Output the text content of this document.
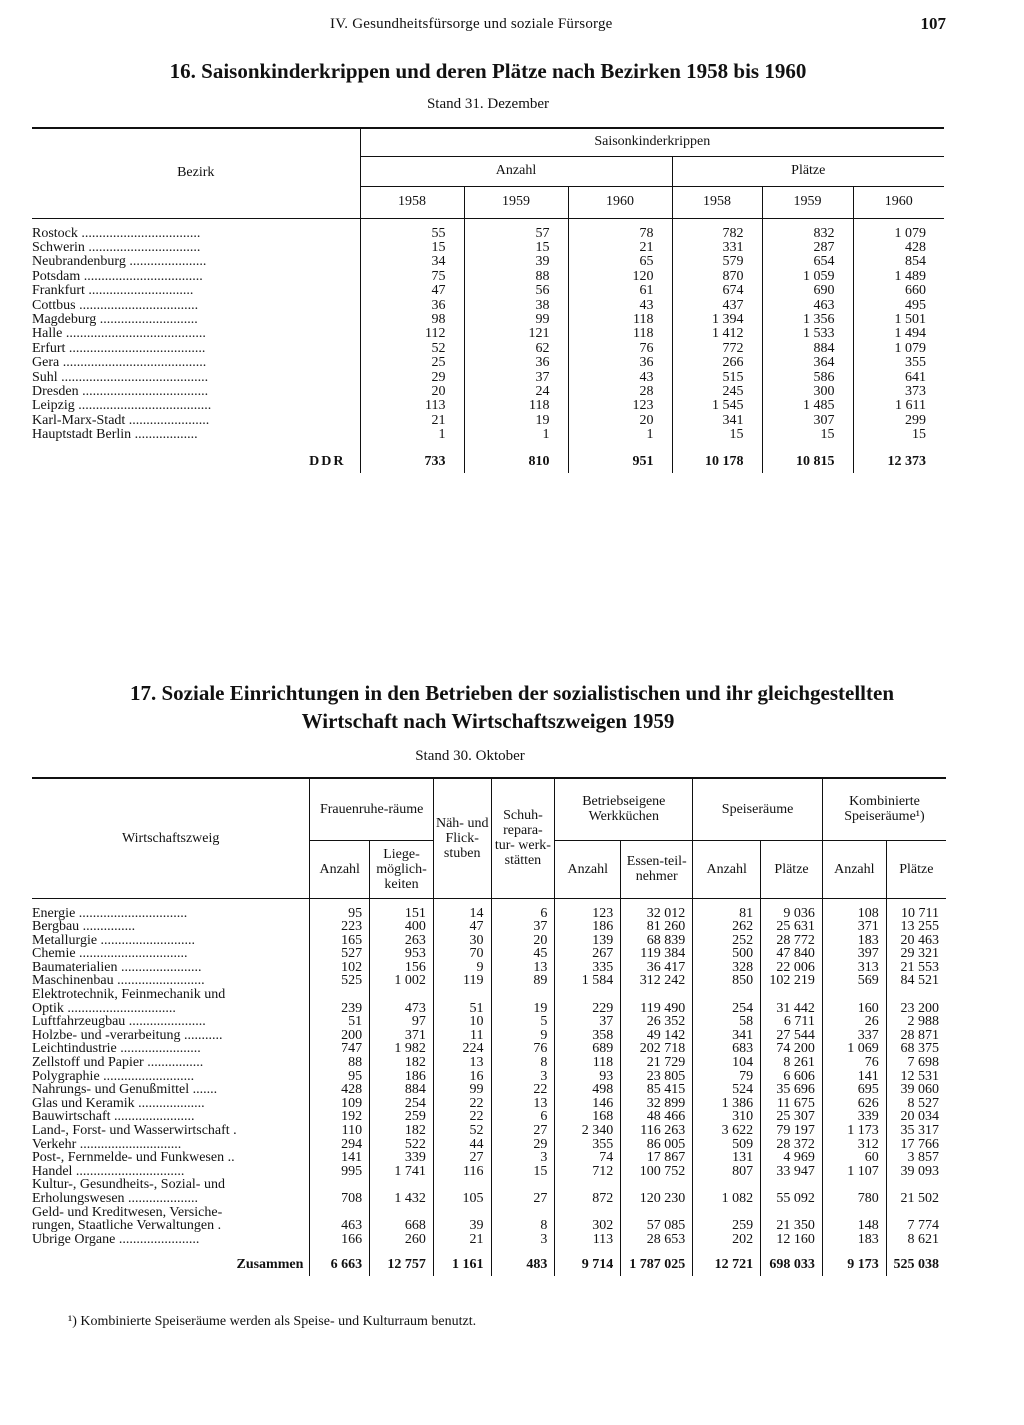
IV. Gesundheitsfürsorge und soziale Fürsorge	107
16. Saisonkinderkrippen und deren Plätze nach Bezirken 1958 bis 1960
Stand 31. Dezember
Bezirk	Saisonkinderkrippen					
	Anzahl			Plätze		
	1958	1959	1960	1958	1959	1960

Rostock ..................................	55	57	78	782	832	1 079
Schwerin ................................	15	15	21	331	287	428
Neubrandenburg ......................	34	39	65	579	654	854
Potsdam ..................................	75	88	120	870	1 059	1 489
Frankfurt ..............................	47	56	61	674	690	660
Cottbus ..................................	36	38	43	437	463	495
Magdeburg ............................	98	99	118	1 394	1 356	1 501
Halle ........................................	112	121	118	1 412	1 533	1 494
Erfurt .......................................	52	62	76	772	884	1 079
Gera .........................................	25	36	36	266	364	355
Suhl ..........................................	29	37	43	515	586	641
Dresden ....................................	20	24	28	245	300	373
Leipzig ......................................	113	118	123	1 545	1 485	1 611
Karl-Marx-Stadt .......................	21	19	20	341	307	299
Hauptstadt Berlin ..................	1	1	1	15	15	15

DDR	733	810	951	10 178	10 815	12 373
17. Soziale Einrichtungen in den Betrieben der sozialistischen und ihr gleichgestellten
Wirtschaft nach Wirtschaftszweigen 1959
Stand 30. Oktober
Wirtschaftszweig	Frauenruhe-räume		Näh- und Flick- stuben	Schuh- repara- tur- werk- stätten	Betriebseigene Werkküchen		Speiseräume		Kombinierte Speiseräume¹)	
	Anzahl	Liege-möglich-keiten			Anzahl	Essen-teil-nehmer	Anzahl	Plätze	Anzahl	Plätze

Energie ...............................	95	151	14	6	123	32 012	81	9 036	108	10 711
Bergbau ...............	223	400	47	37	186	81 260	262	25 631	371	13 255
Metallurgie ...........................	165	263	30	20	139	68 839	252	28 772	183	20 463
Chemie ...............................	527	953	70	45	267	119 384	500	47 840	397	29 321
Baumaterialien .......................	102	156	9	13	335	36 417	328	22 006	313	21 553
Maschinenbau .........................	525	1 002	119	89	1 584	312 242	850	102 219	569	84 521
Elektrotechnik, Feinmechanik und										
Optik ...............................	239	473	51	19	229	119 490	254	31 442	160	23 200
Luftfahrzeugbau ......................	51	97	10	5	37	26 352	58	6 711	26	2 988
Holzbe- und -verarbeitung ...........	200	371	11	9	358	49 142	341	27 544	337	28 871
Leichtindustrie .......................	747	1 982	224	76	689	202 718	683	74 200	1 069	68 375
Zellstoff und Papier ................	88	182	13	8	118	21 729	104	8 261	76	7 698
Polygraphie ..........................	95	186	16	3	93	23 805	79	6 606	141	12 531
Nahrungs- und Genußmittel .......	428	884	99	22	498	85 415	524	35 696	695	39 060
Glas und Keramik ...................	109	254	22	13	146	32 899	1 386	11 675	626	8 527
Bauwirtschaft .......................	192	259	22	6	168	48 466	310	25 307	339	20 034
Land-, Forst- und Wasserwirtschaft .	110	182	52	27	2 340	116 263	3 622	79 197	1 173	35 317
Verkehr .............................	294	522	44	29	355	86 005	509	28 372	312	17 766
Post-, Fernmelde- und Funkwesen ..	141	339	27	3	74	17 867	131	4 969	60	3 857
Handel ...............................	995	1 741	116	15	712	100 752	807	33 947	1 107	39 093
Kultur-, Gesundheits-, Sozial- und										
Erholungswesen ....................	708	1 432	105	27	872	120 230	1 082	55 092	780	21 502
Geld- und Kreditwesen, Versiche-										
rungen, Staatliche Verwaltungen .	463	668	39	8	302	57 085	259	21 350	148	7 774
Übrige Organe .......................	166	260	21	3	113	28 653	202	12 160	183	8 621

Zusammen	6 663	12 757	1 161	483	9 714	1 787 025	12 721	698 033	9 173	525 038
¹) Kombinierte Speiseräume werden als Speise- und Kulturraum benutzt.
